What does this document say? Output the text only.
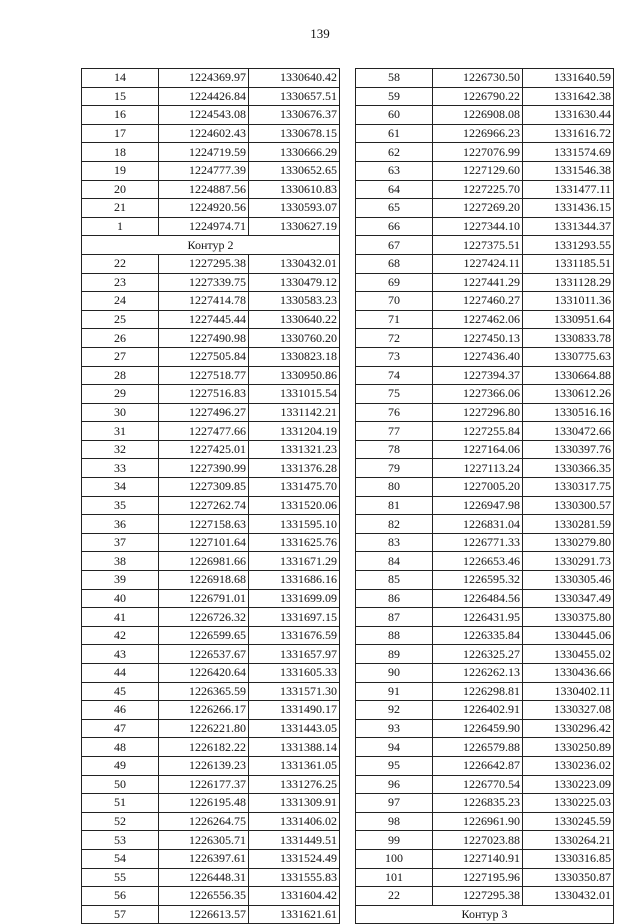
139
14	1224369.97	1330640.42
15	1224426.84	1330657.51
16	1224543.08	1330676.37
17	1224602.43	1330678.15
18	1224719.59	1330666.29
19	1224777.39	1330652.65
20	1224887.56	1330610.83
21	1224920.56	1330593.07
1	1224974.71	1330627.19
Контур 2		
22	1227295.38	1330432.01
23	1227339.75	1330479.12
24	1227414.78	1330583.23
25	1227445.44	1330640.22
26	1227490.98	1330760.20
27	1227505.84	1330823.18
28	1227518.77	1330950.86
29	1227516.83	1331015.54
30	1227496.27	1331142.21
31	1227477.66	1331204.19
32	1227425.01	1331321.23
33	1227390.99	1331376.28
34	1227309.85	1331475.70
35	1227262.74	1331520.06
36	1227158.63	1331595.10
37	1227101.64	1331625.76
38	1226981.66	1331671.29
39	1226918.68	1331686.16
40	1226791.01	1331699.09
41	1226726.32	1331697.15
42	1226599.65	1331676.59
43	1226537.67	1331657.97
44	1226420.64	1331605.33
45	1226365.59	1331571.30
46	1226266.17	1331490.17
47	1226221.80	1331443.05
48	1226182.22	1331388.14
49	1226139.23	1331361.05
50	1226177.37	1331276.25
51	1226195.48	1331309.91
52	1226264.75	1331406.02
53	1226305.71	1331449.51
54	1226397.61	1331524.49
55	1226448.31	1331555.83
56	1226556.35	1331604.42
57	1226613.57	1331621.61
58	1226730.50	1331640.59
59	1226790.22	1331642.38
60	1226908.08	1331630.44
61	1226966.23	1331616.72
62	1227076.99	1331574.69
63	1227129.60	1331546.38
64	1227225.70	1331477.11
65	1227269.20	1331436.15
66	1227344.10	1331344.37
67	1227375.51	1331293.55
68	1227424.11	1331185.51
69	1227441.29	1331128.29
70	1227460.27	1331011.36
71	1227462.06	1330951.64
72	1227450.13	1330833.78
73	1227436.40	1330775.63
74	1227394.37	1330664.88
75	1227366.06	1330612.26
76	1227296.80	1330516.16
77	1227255.84	1330472.66
78	1227164.06	1330397.76
79	1227113.24	1330366.35
80	1227005.20	1330317.75
81	1226947.98	1330300.57
82	1226831.04	1330281.59
83	1226771.33	1330279.80
84	1226653.46	1330291.73
85	1226595.32	1330305.46
86	1226484.56	1330347.49
87	1226431.95	1330375.80
88	1226335.84	1330445.06
89	1226325.27	1330455.02
90	1226262.13	1330436.66
91	1226298.81	1330402.11
92	1226402.91	1330327.08
93	1226459.90	1330296.42
94	1226579.88	1330250.89
95	1226642.87	1330236.02
96	1226770.54	1330223.09
97	1226835.23	1330225.03
98	1226961.90	1330245.59
99	1227023.88	1330264.21
100	1227140.91	1330316.85
101	1227195.96	1330350.87
22	1227295.38	1330432.01
Контур 3		
